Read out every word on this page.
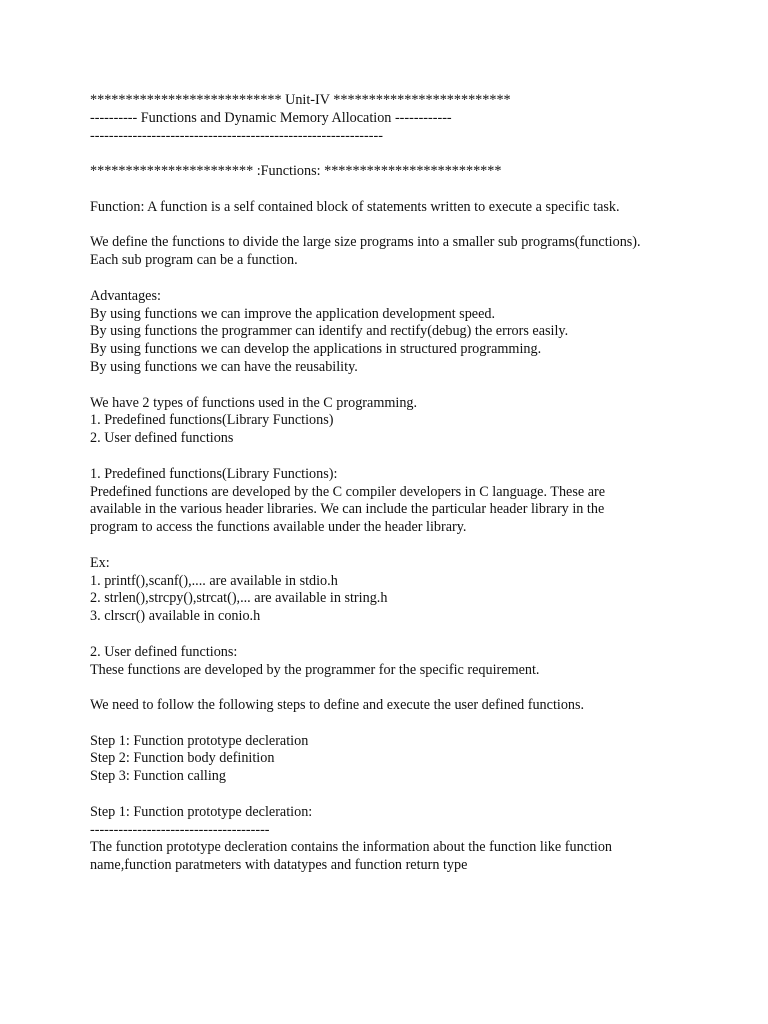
*************************** Unit-IV *************************
---------- Functions and Dynamic Memory Allocation ------------
--------------------------------------------------------------
*********************** :Functions: *************************
Function: A function is a self contained block of statements written to execute a specific task.
We define the functions to divide the large size programs into a smaller sub programs(functions).
Each sub program can be a function.
Advantages:
By using functions we can improve the application development speed.
By using functions the programmer can identify and rectify(debug) the errors easily.
By using functions we can develop the applications in structured programming.
By using functions we can have the reusability.
We have 2 types of functions used in the C programming.
1. Predefined functions(Library Functions)
2. User defined functions
1. Predefined functions(Library Functions):
Predefined functions are developed by the C compiler developers in C language. These are
available in the various header libraries. We can include the particular header library in the
program to access the functions available under the header library.
Ex:
1. printf(),scanf(),.... are available in stdio.h
2. strlen(),strcpy(),strcat(),... are available in string.h
3. clrscr() available in conio.h
2. User defined functions:
These functions are developed by the programmer for the specific requirement.
We need to follow the following steps to define and execute the user defined functions.
Step 1: Function prototype decleration
Step 2: Function body definition
Step 3: Function calling
Step 1: Function prototype decleration:
--------------------------------------
The function prototype decleration contains the information about the function like function
name,function paratmeters with datatypes and function return type
